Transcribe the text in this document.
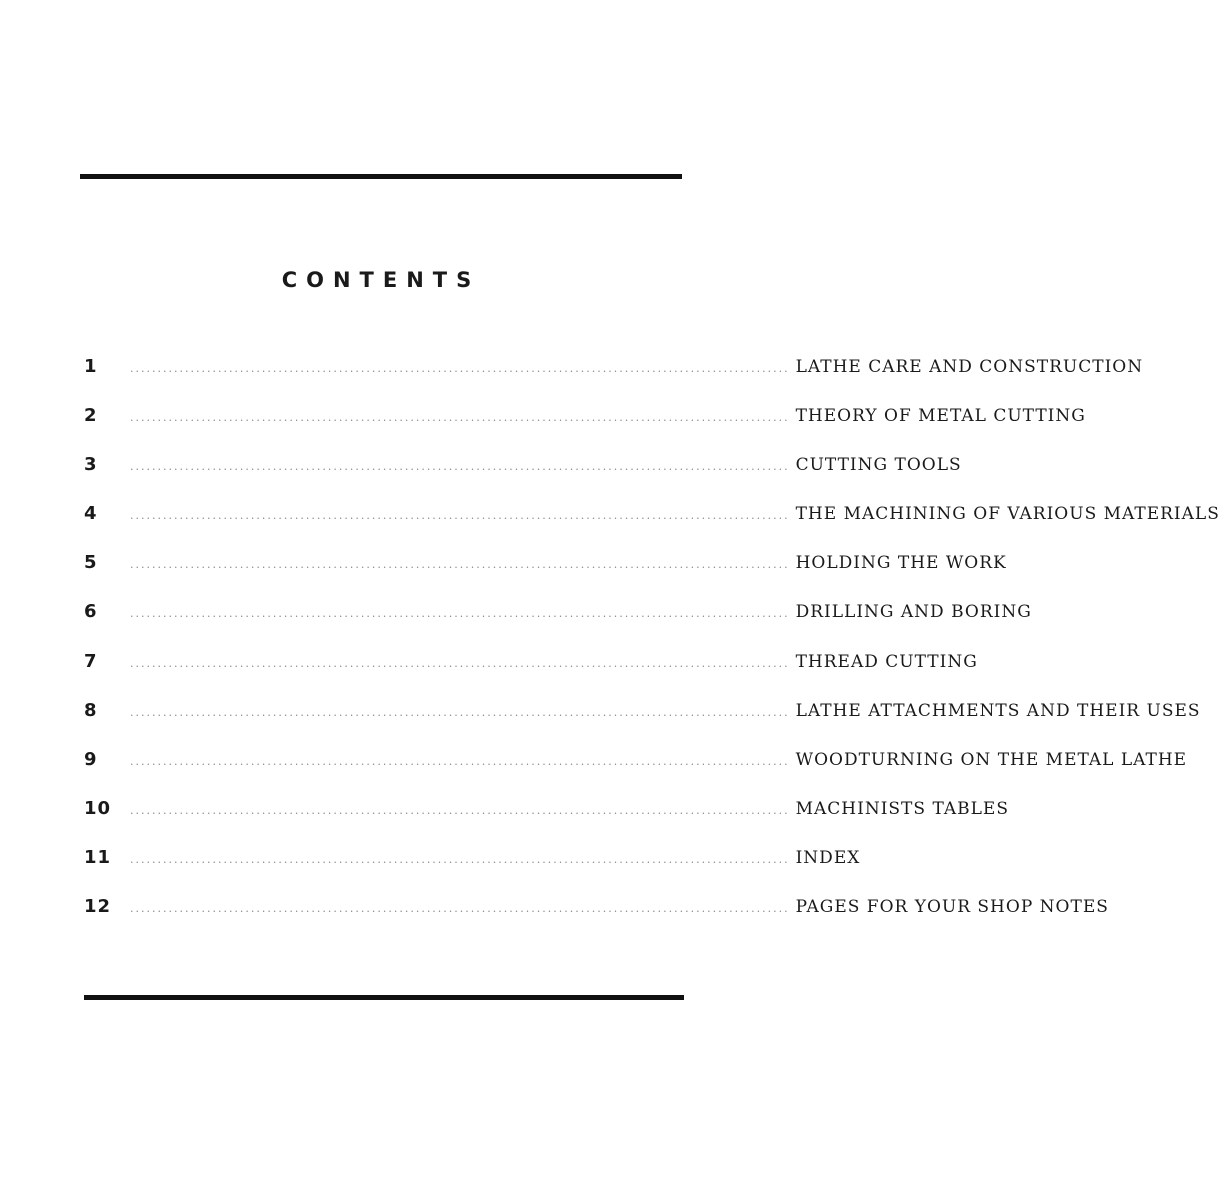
CONTENTS
1	........................................................................................................................ LATHE CARE AND CONSTRUCTION
2	........................................................................................................................ THEORY OF METAL CUTTING
3	........................................................................................................................ CUTTING TOOLS
4	........................................................................................................................ THE MACHINING OF VARIOUS MATERIALS
5	........................................................................................................................ HOLDING THE WORK
6	........................................................................................................................ DRILLING AND BORING
7	........................................................................................................................ THREAD CUTTING
8	........................................................................................................................ LATHE ATTACHMENTS AND THEIR USES
9	........................................................................................................................ WOODTURNING ON THE METAL LATHE
10	........................................................................................................................ MACHINISTS TABLES
11	........................................................................................................................ INDEX
12	........................................................................................................................ PAGES FOR YOUR SHOP NOTES
